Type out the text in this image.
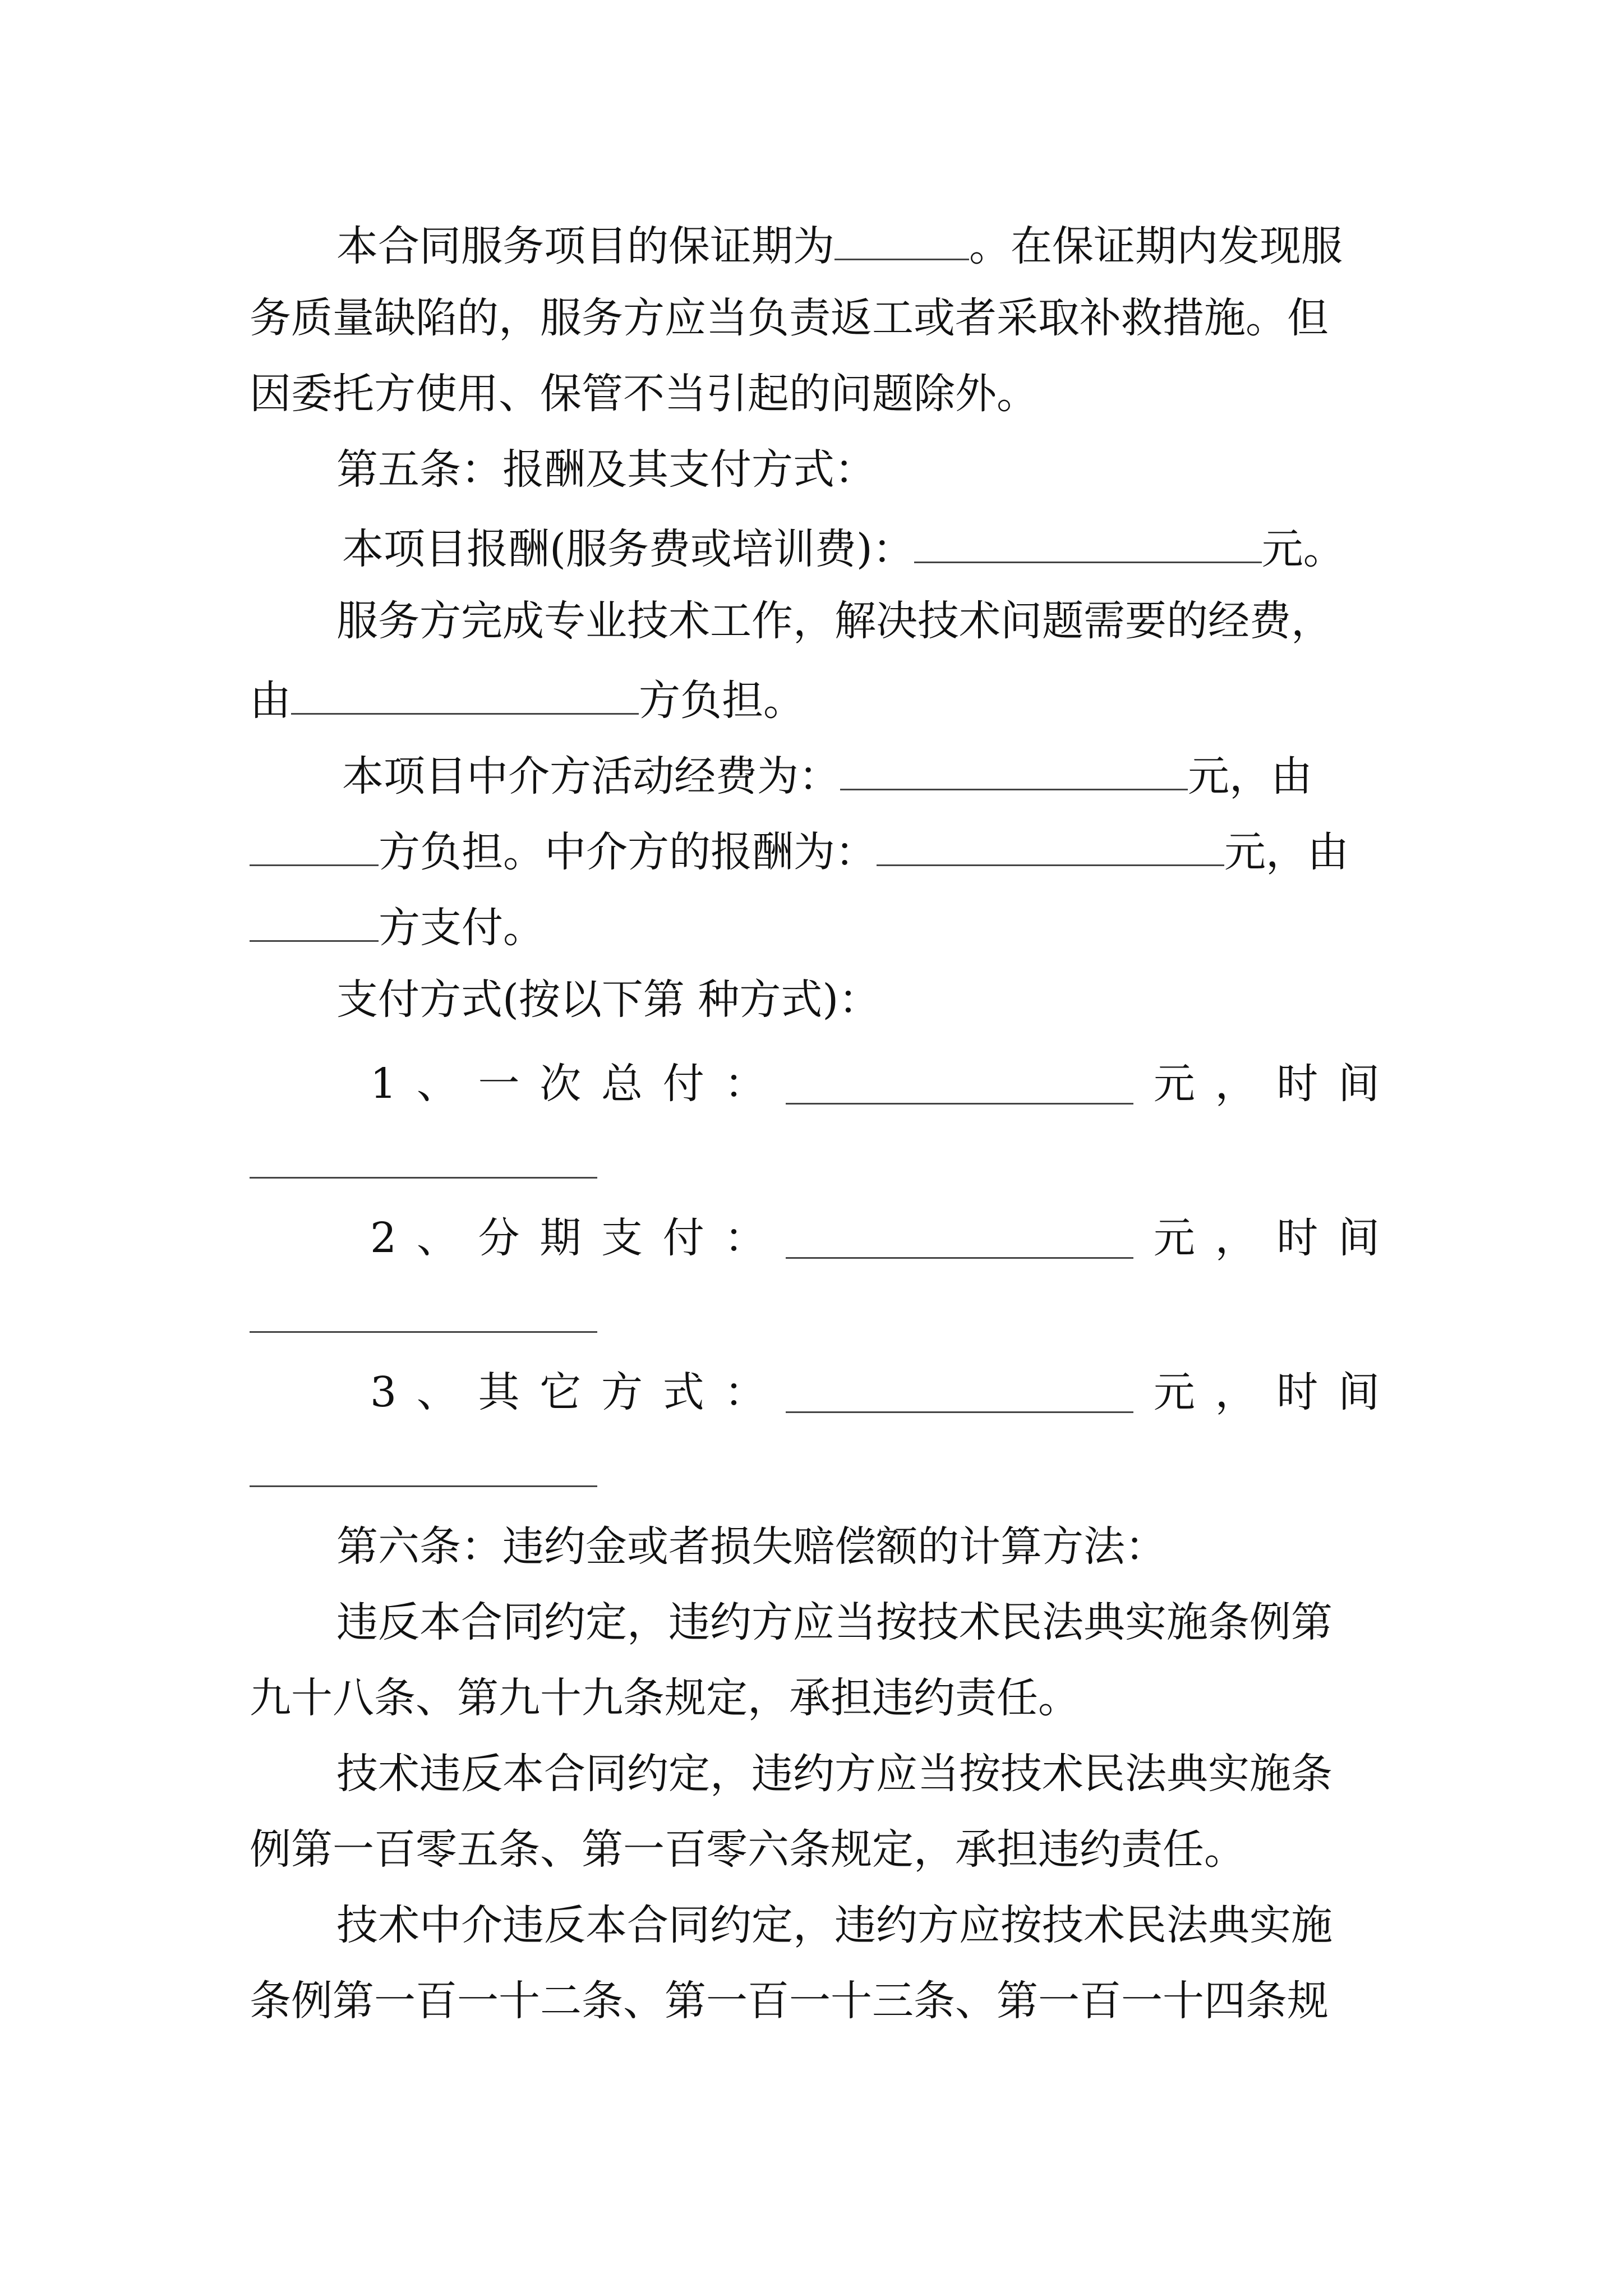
本合同服务项目的保证期为	。在保证期内发现服
务质量缺陷的，服务方应当负责返工或者采取补救措施。但
因委托方使用、保管不当引起的问题除外。
第五条：报酬及其支付方式：
本项目报酬(服务费或培训费)：	元。
服务方完成专业技术工作，解决技术问题需要的经费，
由	方负担。
本项目中介方活动经费为：	元，由
方负担。中介方的报酬为：	元，由
方支付。
支付方式(按以下第 种方式)：
1 、 一 次 总 付 ：	元 ， 时 间
2 、 分 期 支 付 ：	元 ， 时 间
3 、 其 它 方 式 ：	元 ， 时 间
第六条：违约金或者损失赔偿额的计算方法：
违反本合同约定，违约方应当按技术民法典实施条例第
九十八条、第九十九条规定，承担违约责任。
技术违反本合同约定，违约方应当按技术民法典实施条
例第一百零五条、第一百零六条规定，承担违约责任。
技术中介违反本合同约定，违约方应按技术民法典实施
条例第一百一十二条、第一百一十三条、第一百一十四条规
